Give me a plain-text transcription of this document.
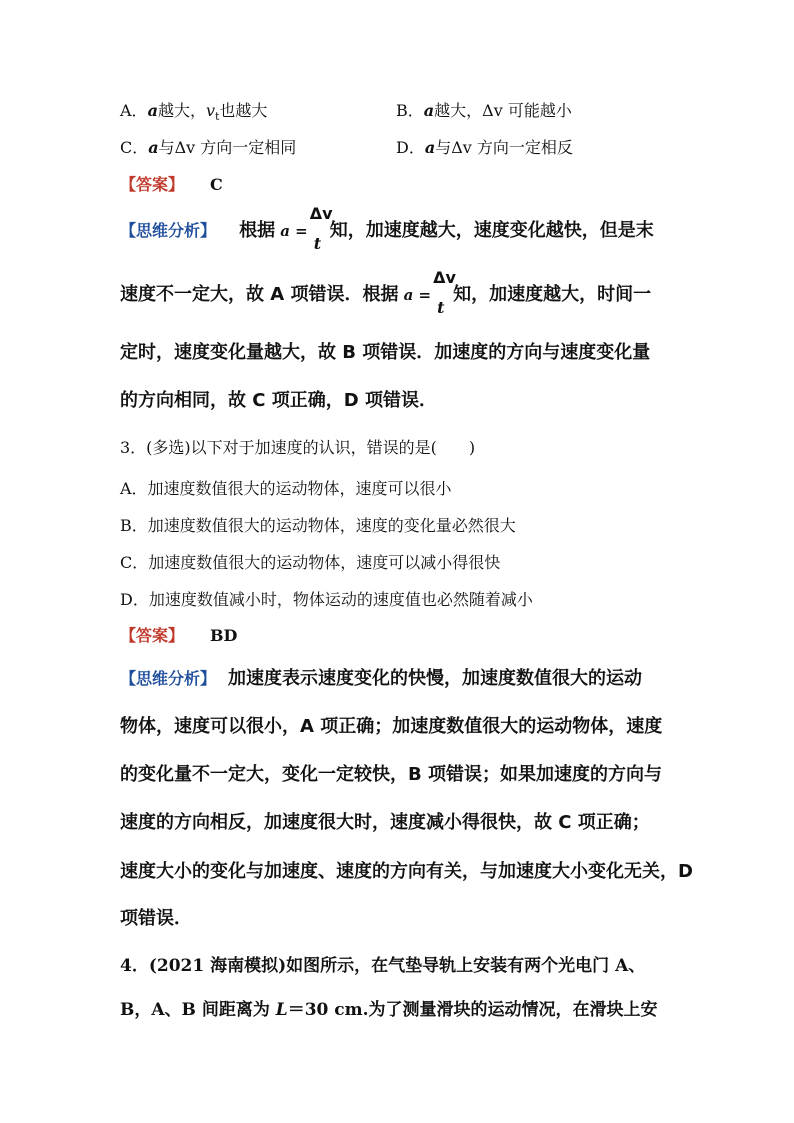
A．a越大，$v_t$也越大	B．a越大，Δv 可能越小
C．a与Δv 方向一定相同	D．a与Δv 方向一定相反
【答案】 C
【思维分析】 根据 a =
Δv
t
知，加速度越大，速度变化越快，但是末
速度不一定大，故 A 项错误．根据 a =
Δv
t
知，加速度越大，时间一
定时，速度变化量越大，故 B 项错误．加速度的方向与速度变化量
的方向相同，故 C 项正确，D 项错误．
3．(多选)以下对于加速度的认识，错误的是(　　)
A．加速度数值很大的运动物体，速度可以很小
B．加速度数值很大的运动物体，速度的变化量必然很大
C．加速度数值很大的运动物体，速度可以减小得很快
D．加速度数值减小时，物体运动的速度值也必然随着减小
【答案】 BD
【思维分析】 加速度表示速度变化的快慢，加速度数值很大的运动
物体，速度可以很小，A 项正确；加速度数值很大的运动物体，速度
的变化量不一定大，变化一定较快，B 项错误；如果加速度的方向与
速度的方向相反，加速度很大时，速度减小得很快，故 C 项正确；
速度大小的变化与加速度、速度的方向有关，与加速度大小变化无关，D
项错误．
4．(2021 海南模拟)如图所示，在气垫导轨上安装有两个光电门 A、
B，A、B 间距离为 L＝30 cm.为了测量滑块的运动情况，在滑块上安
